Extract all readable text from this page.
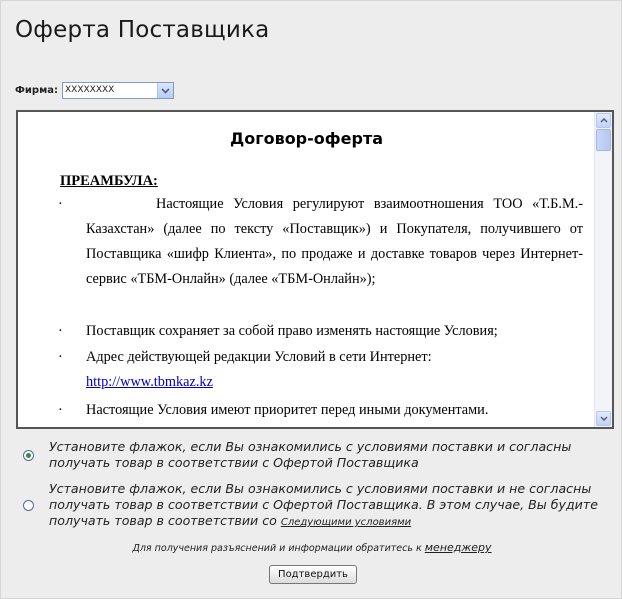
Оферта Поставщика
Фирма: XXXXXXXX
Договор-оферта
ПРЕАМБУЛА:
·	Настоящие Условия регулируют взаимоотношения ТОО «Т.Б.М.-Казахстан» (далее по тексту «Поставщик») и Покупателя, получившего от Поставщика «шифр Клиента», по продаже и доставке товаров через Интернет-сервис «ТБМ-Онлайн» (далее «ТБМ-Онлайн»);
·	Поставщик сохраняет за собой право изменять настоящие Условия;
· Адрес действующей редакции Условий в сети Интернет:
http://www.tbmkaz.kz
·	Настоящие Условия имеют приоритет перед иными документами.
Установите флажок, если Вы ознакомились с условиями поставки и согласны получать товар в соответствии с Офертой Поставщика
Установите флажок, если Вы ознакомились с условиями поставки и не согласны получать товар в соответствии с Офертой Поставщика. В этом случае, Вы будите получать товар в соответствии со Следующими условиями
Для получения разъяснений и информации обратитесь к менеджеру
Подтвердить
